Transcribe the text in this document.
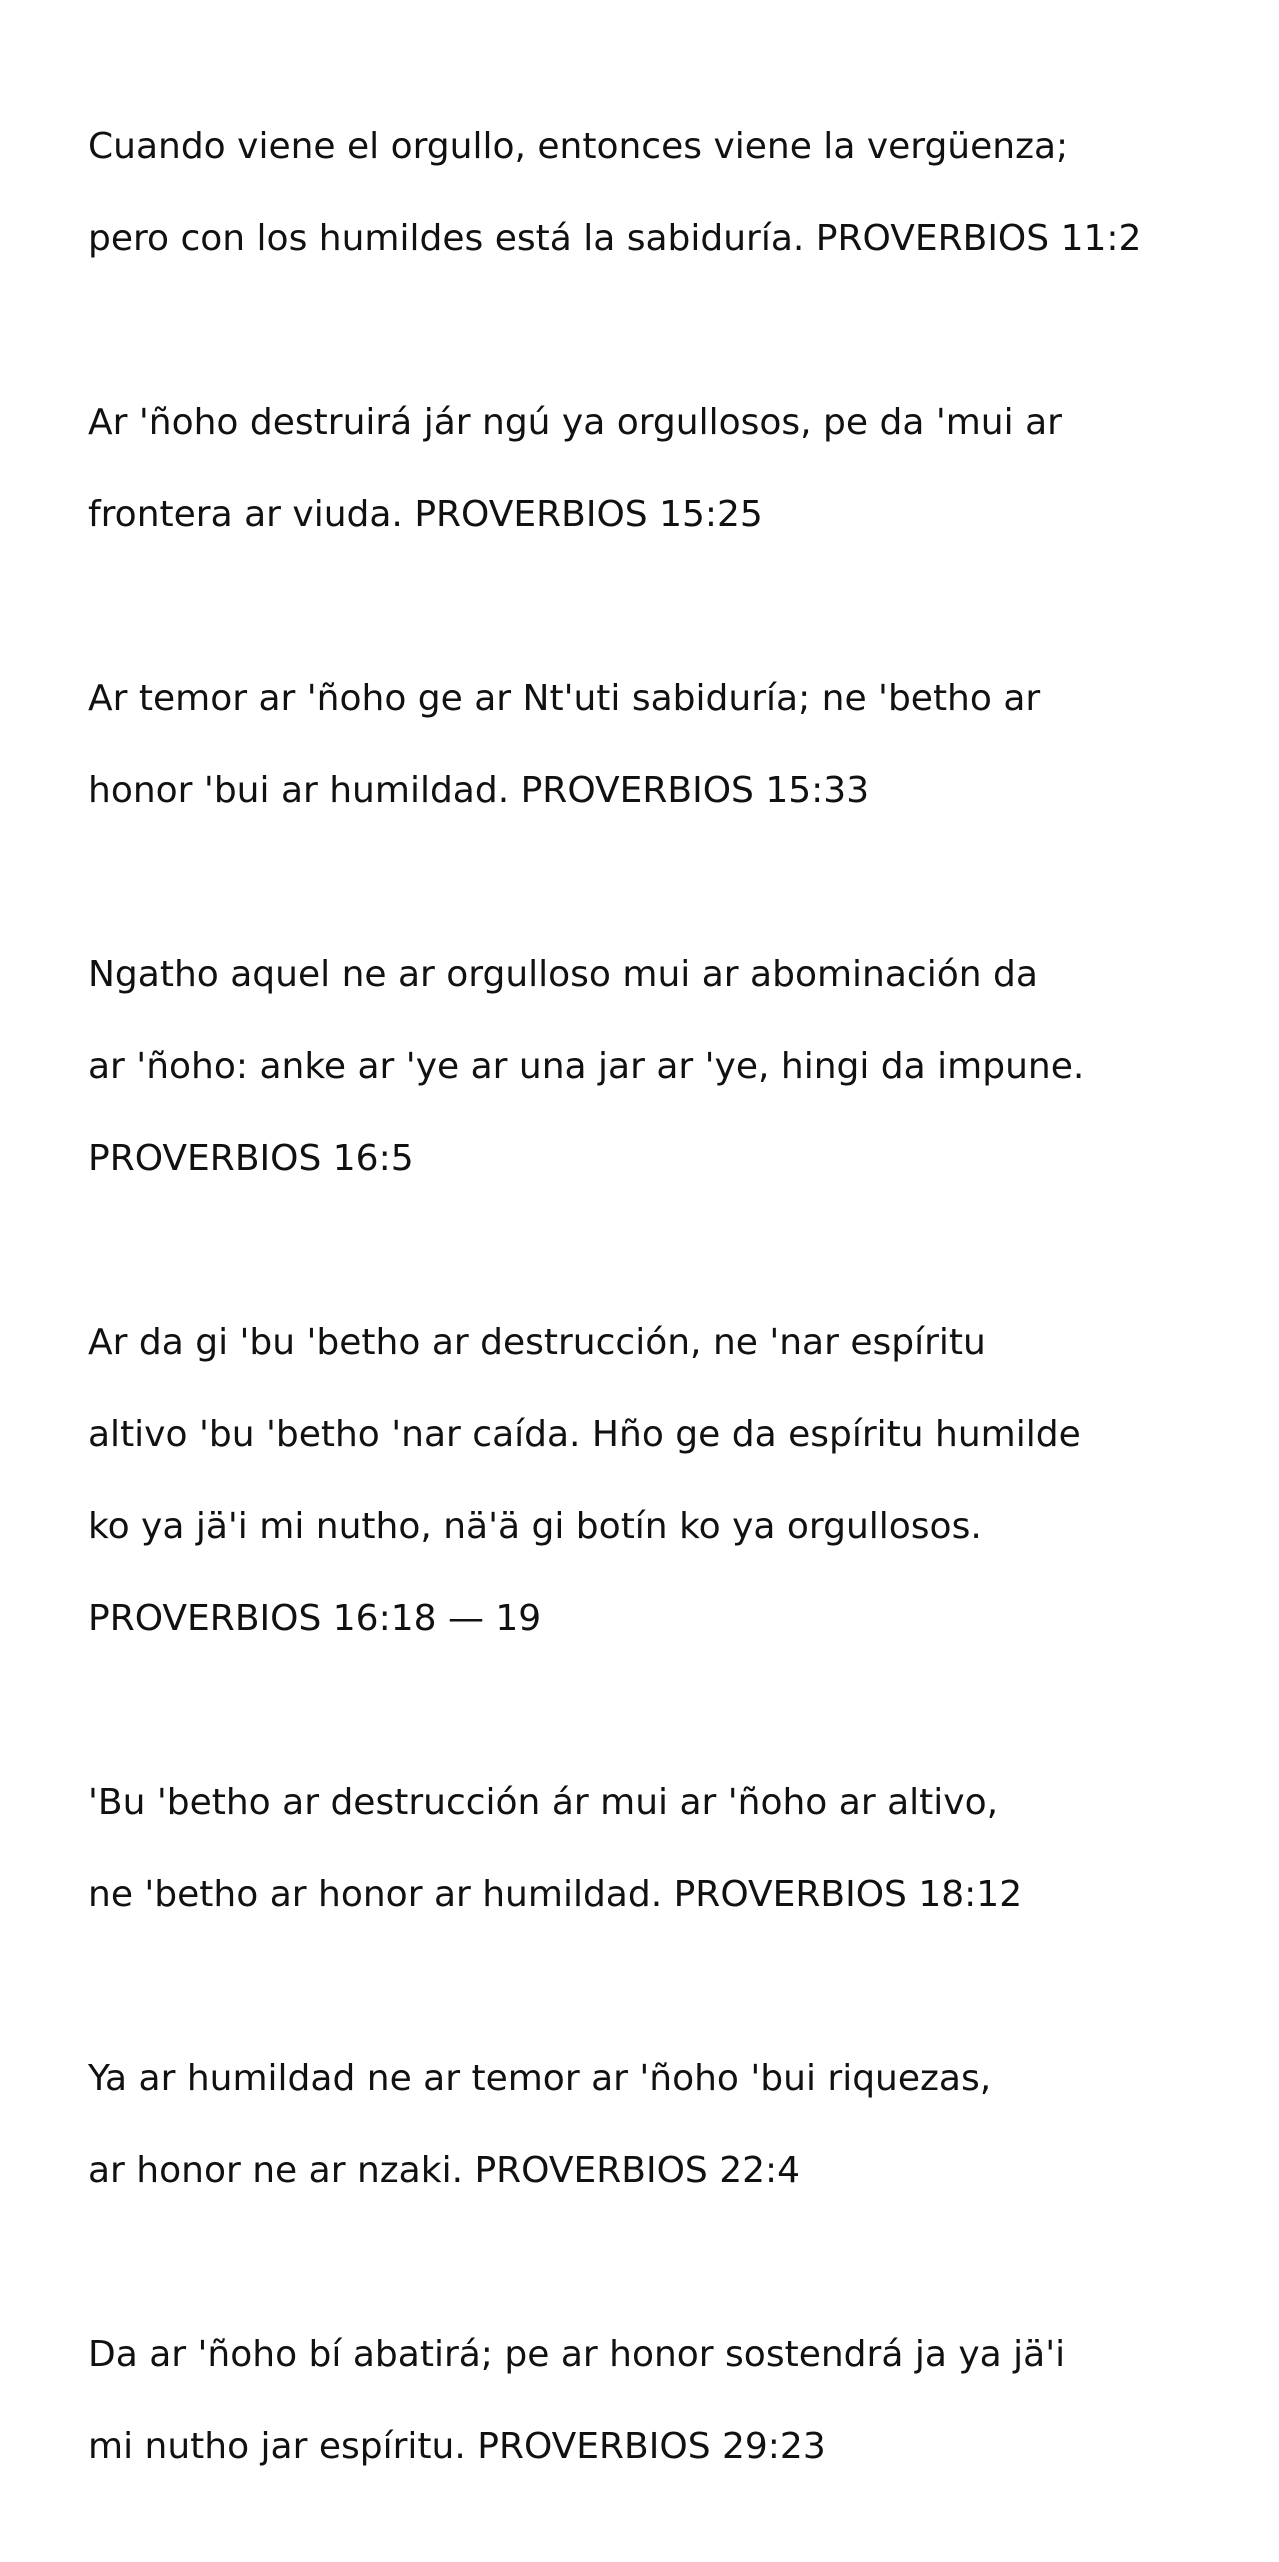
Cuando viene el orgullo, entonces viene la vergüenza;

pero con los humildes está la sabiduría. PROVERBIOS 11:2

Ar 'ñoho destruirá jár ngú ya orgullosos, pe da 'mui ar

frontera ar viuda. PROVERBIOS 15:25

Ar temor ar 'ñoho ge ar Nt'uti sabiduría; ne 'betho ar

honor 'bui ar humildad. PROVERBIOS 15:33

Ngatho aquel ne ar orgulloso mui ar abominación da

ar 'ñoho: anke ar 'ye ar una jar ar 'ye, hingi da impune.

PROVERBIOS 16:5

Ar da gi 'bu 'betho ar destrucción, ne 'nar espíritu

altivo 'bu 'betho 'nar caída. Hño ge da espíritu humilde

ko ya jä'i mi nutho, nä'ä gi botín ko ya orgullosos.

PROVERBIOS 16:18 — 19

'Bu 'betho ar destrucción ár mui ar 'ñoho ar altivo,

ne 'betho ar honor ar humildad. PROVERBIOS 18:12

Ya ar humildad ne ar temor ar 'ñoho 'bui riquezas,

ar honor ne ar nzaki. PROVERBIOS 22:4

Da ar 'ñoho bí abatirá; pe ar honor sostendrá ja ya jä'i

mi nutho jar espíritu. PROVERBIOS 29:23
